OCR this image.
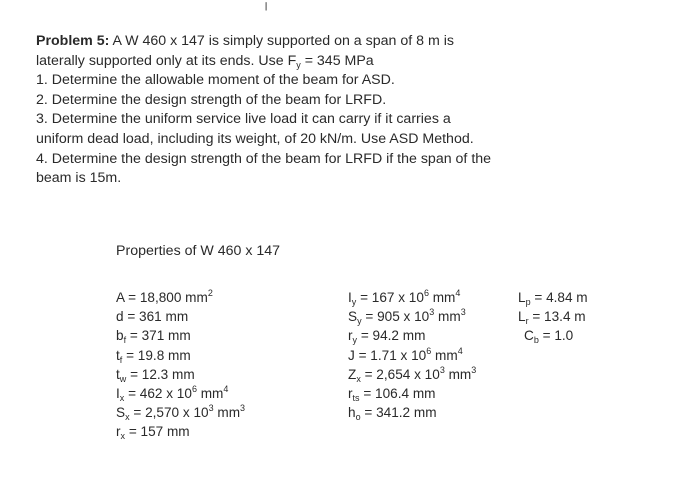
╷

Problem 5: A W 460 x 147 is simply supported on a span of 8 m is

laterally supported only at its ends. Use $F_y = 345$ MPa

1. Determine the allowable moment of the beam for ASD.

2. Determine the design strength of the beam for LRFD.

3. Determine the uniform service live load it can carry if it carries a

uniform dead load, including its weight, of 20 kN/m. Use ASD Method.

4. Determine the design strength of the beam for LRFD if the span of the

beam is 15m.

Properties of W 460 x 147
A = 18,800 $mm^2$
d = 361 mm
$b_f = 371$ mm
$t_f = 19.8$ mm
$t_w = 12.3$ mm
$I_x = 462$ x $10^6$ $mm^4$
$S_x = 2,570$ x $10^3$ $mm^3$
$r_x = 157$ mm
$I_y = 167$ x $10^6$ $mm^4$
$S_y = 905$ x $10^3$ $mm^3$
$r_y = 94.2$ mm
J = 1.71 x $10^6$ $mm^4$
$Z_x = 2,654$ x $10^3$ $mm^3$
$r_{ts} = 106.4$ mm
$h_o = 341.2$ mm
$L_p = 4.84$ m
$L_r = 13.4$ m
$C_b = 1.0$
